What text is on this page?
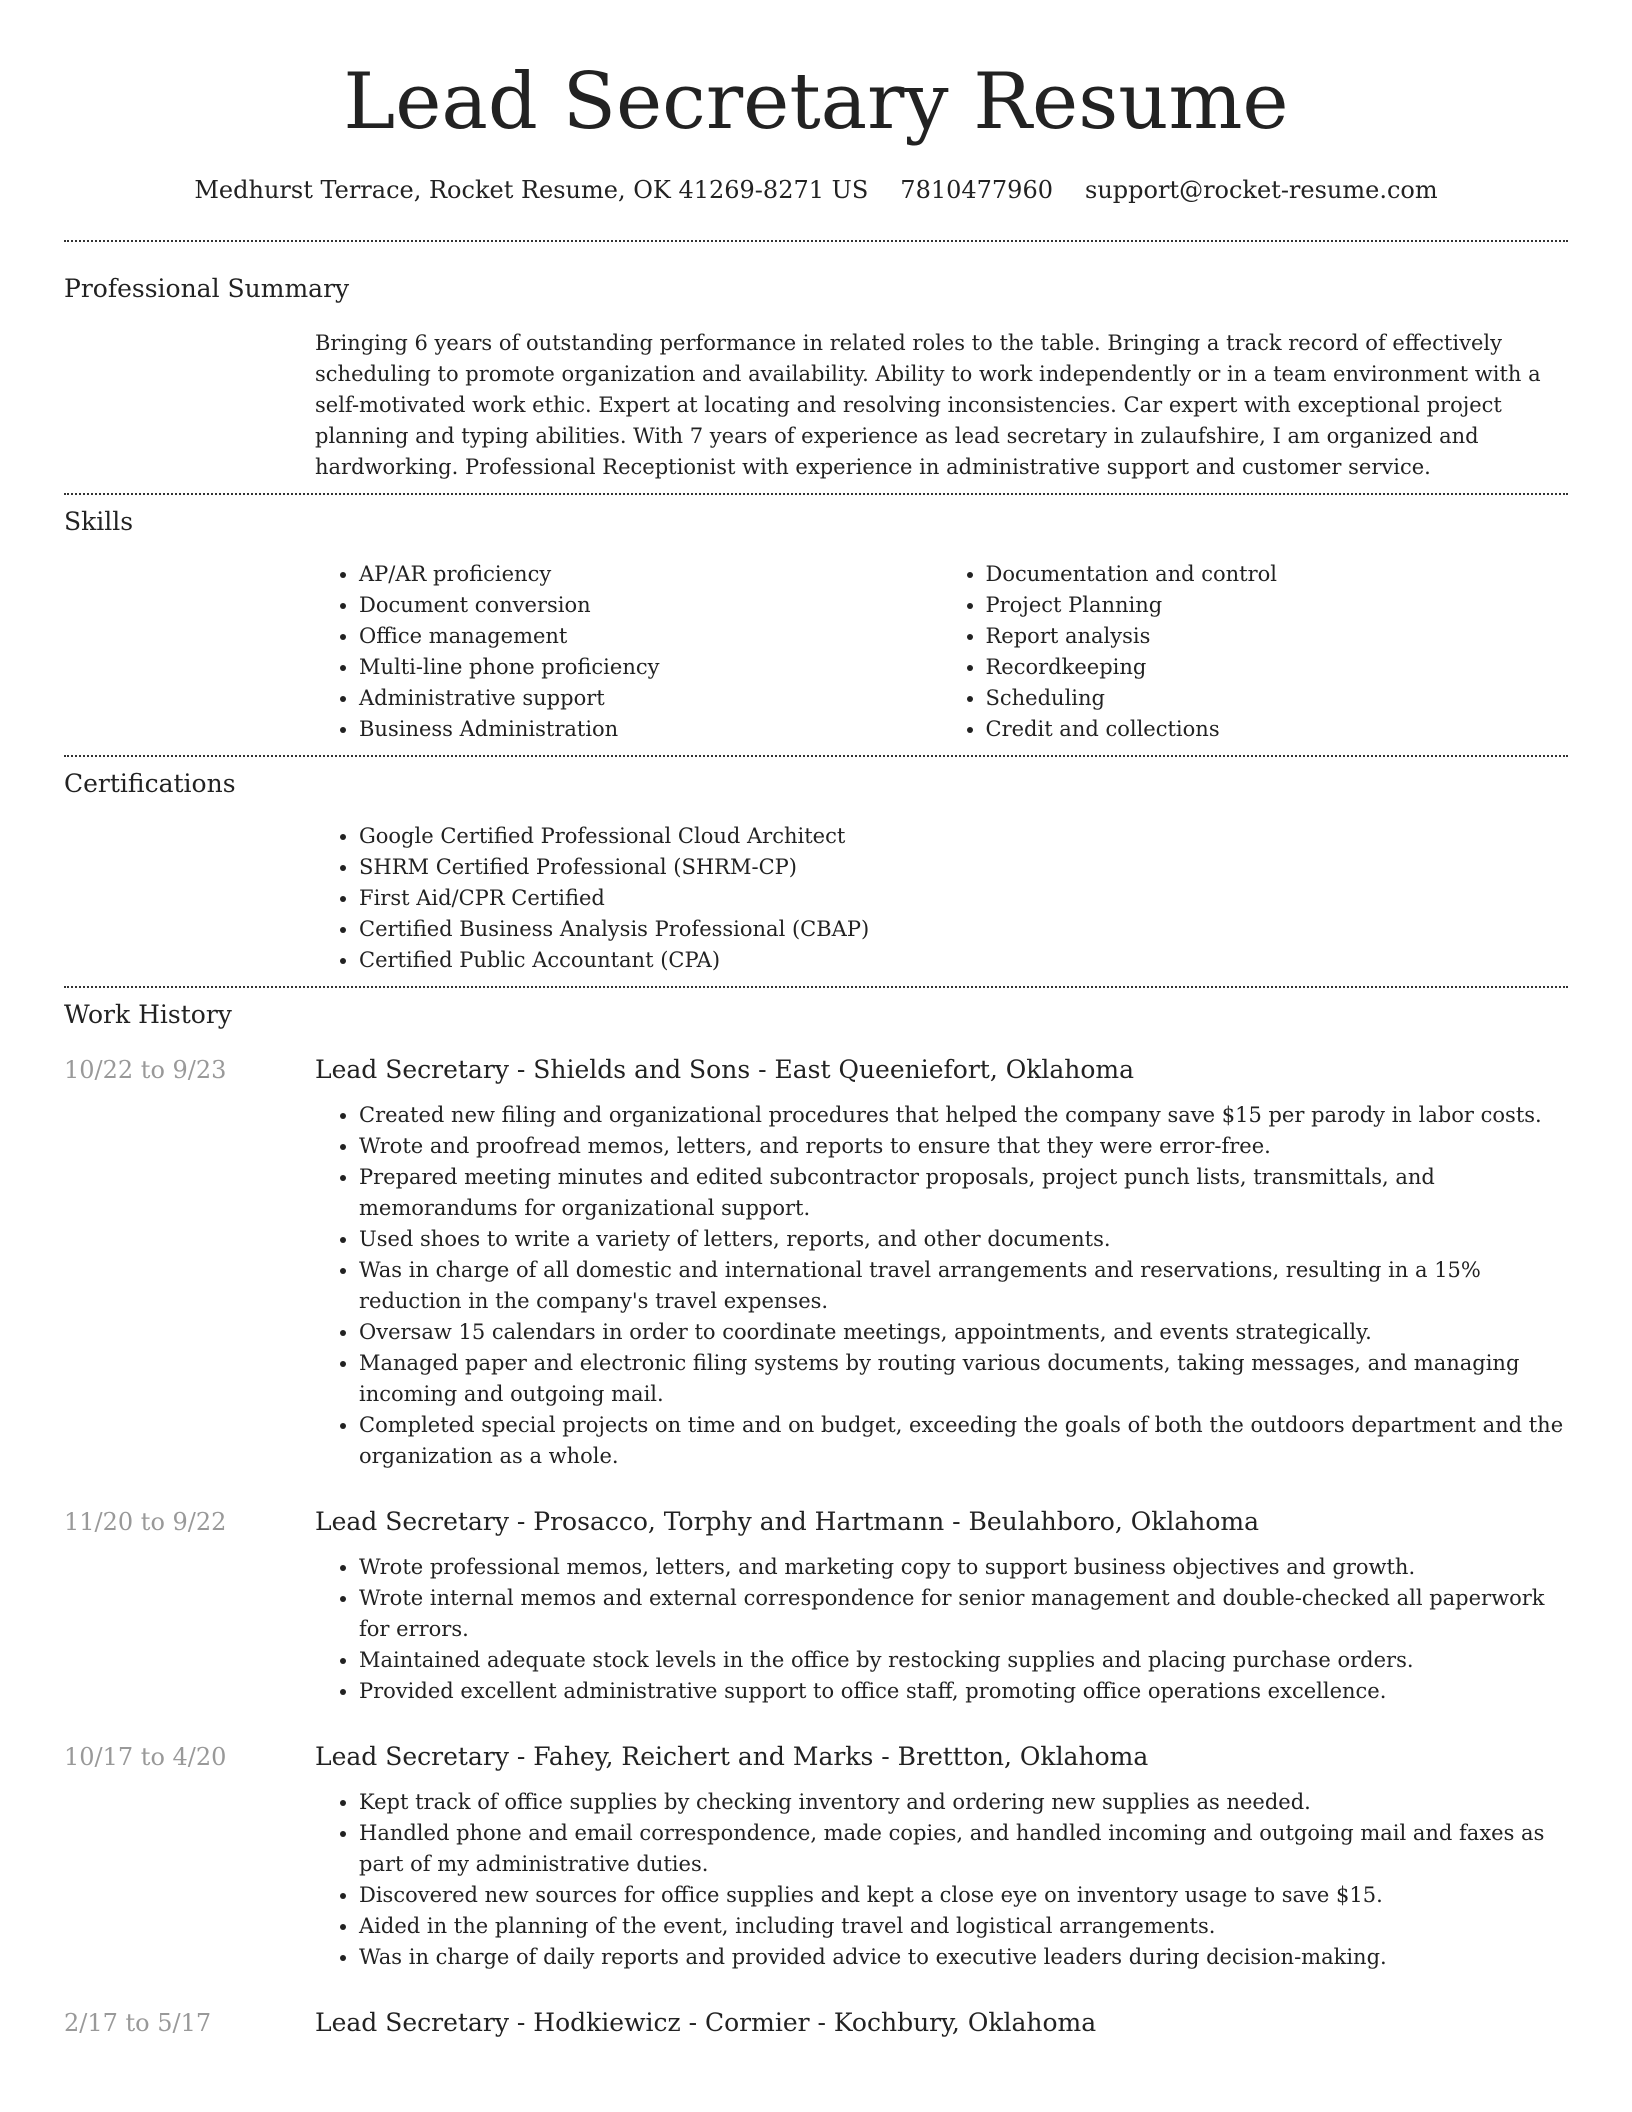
Lead Secretary Resume
Medhurst Terrace, Rocket Resume, OK 41269-8271 US 7810477960 support@rocket-resume.com
Professional Summary

Bringing 6 years of outstanding performance in related roles to the table. Bringing a track record of effectively scheduling to promote organization and availability. Ability to work independently or in a team environment with a self-motivated work ethic. Expert at locating and resolving inconsistencies. Car expert with exceptional project planning and typing abilities. With 7 years of experience as lead secretary in zulaufshire, I am organized and hardworking. Professional Receptionist with experience in administrative support and customer service.

Skills
• AP/AR proficiency
• Document conversion
• Office management
• Multi-line phone proficiency
• Administrative support
• Business Administration
• Documentation and control
• Project Planning
• Report analysis
• Recordkeeping
• Scheduling
• Credit and collections
Certifications
• Google Certified Professional Cloud Architect
• SHRM Certified Professional (SHRM-CP)
• First Aid/CPR Certified
• Certified Business Analysis Professional (CBAP)
• Certified Public Accountant (CPA)
Work History
10/22 to 9/23	Lead Secretary - Shields and Sons - East Queeniefort, Oklahoma
• Created new filing and organizational procedures that helped the company save $15 per parody in labor costs.
• Wrote and proofread memos, letters, and reports to ensure that they were error-free.
• Prepared meeting minutes and edited subcontractor proposals, project punch lists, transmittals, and memorandums for organizational support.
• Used shoes to write a variety of letters, reports, and other documents.
• Was in charge of all domestic and international travel arrangements and reservations, resulting in a 15% reduction in the company's travel expenses.
• Oversaw 15 calendars in order to coordinate meetings, appointments, and events strategically.
• Managed paper and electronic filing systems by routing various documents, taking messages, and managing incoming and outgoing mail.
• Completed special projects on time and on budget, exceeding the goals of both the outdoors department and the organization as a whole.
11/20 to 9/22	Lead Secretary - Prosacco, Torphy and Hartmann - Beulahboro, Oklahoma
• Wrote professional memos, letters, and marketing copy to support business objectives and growth.
• Wrote internal memos and external correspondence for senior management and double-checked all paperwork for errors.
• Maintained adequate stock levels in the office by restocking supplies and placing purchase orders.
• Provided excellent administrative support to office staff, promoting office operations excellence.
10/17 to 4/20	Lead Secretary - Fahey, Reichert and Marks - Brettton, Oklahoma
• Kept track of office supplies by checking inventory and ordering new supplies as needed.
• Handled phone and email correspondence, made copies, and handled incoming and outgoing mail and faxes as part of my administrative duties.
• Discovered new sources for office supplies and kept a close eye on inventory usage to save $15.
• Aided in the planning of the event, including travel and logistical arrangements.
• Was in charge of daily reports and provided advice to executive leaders during decision-making.
2/17 to 5/17	Lead Secretary - Hodkiewicz - Cormier - Kochbury, Oklahoma
